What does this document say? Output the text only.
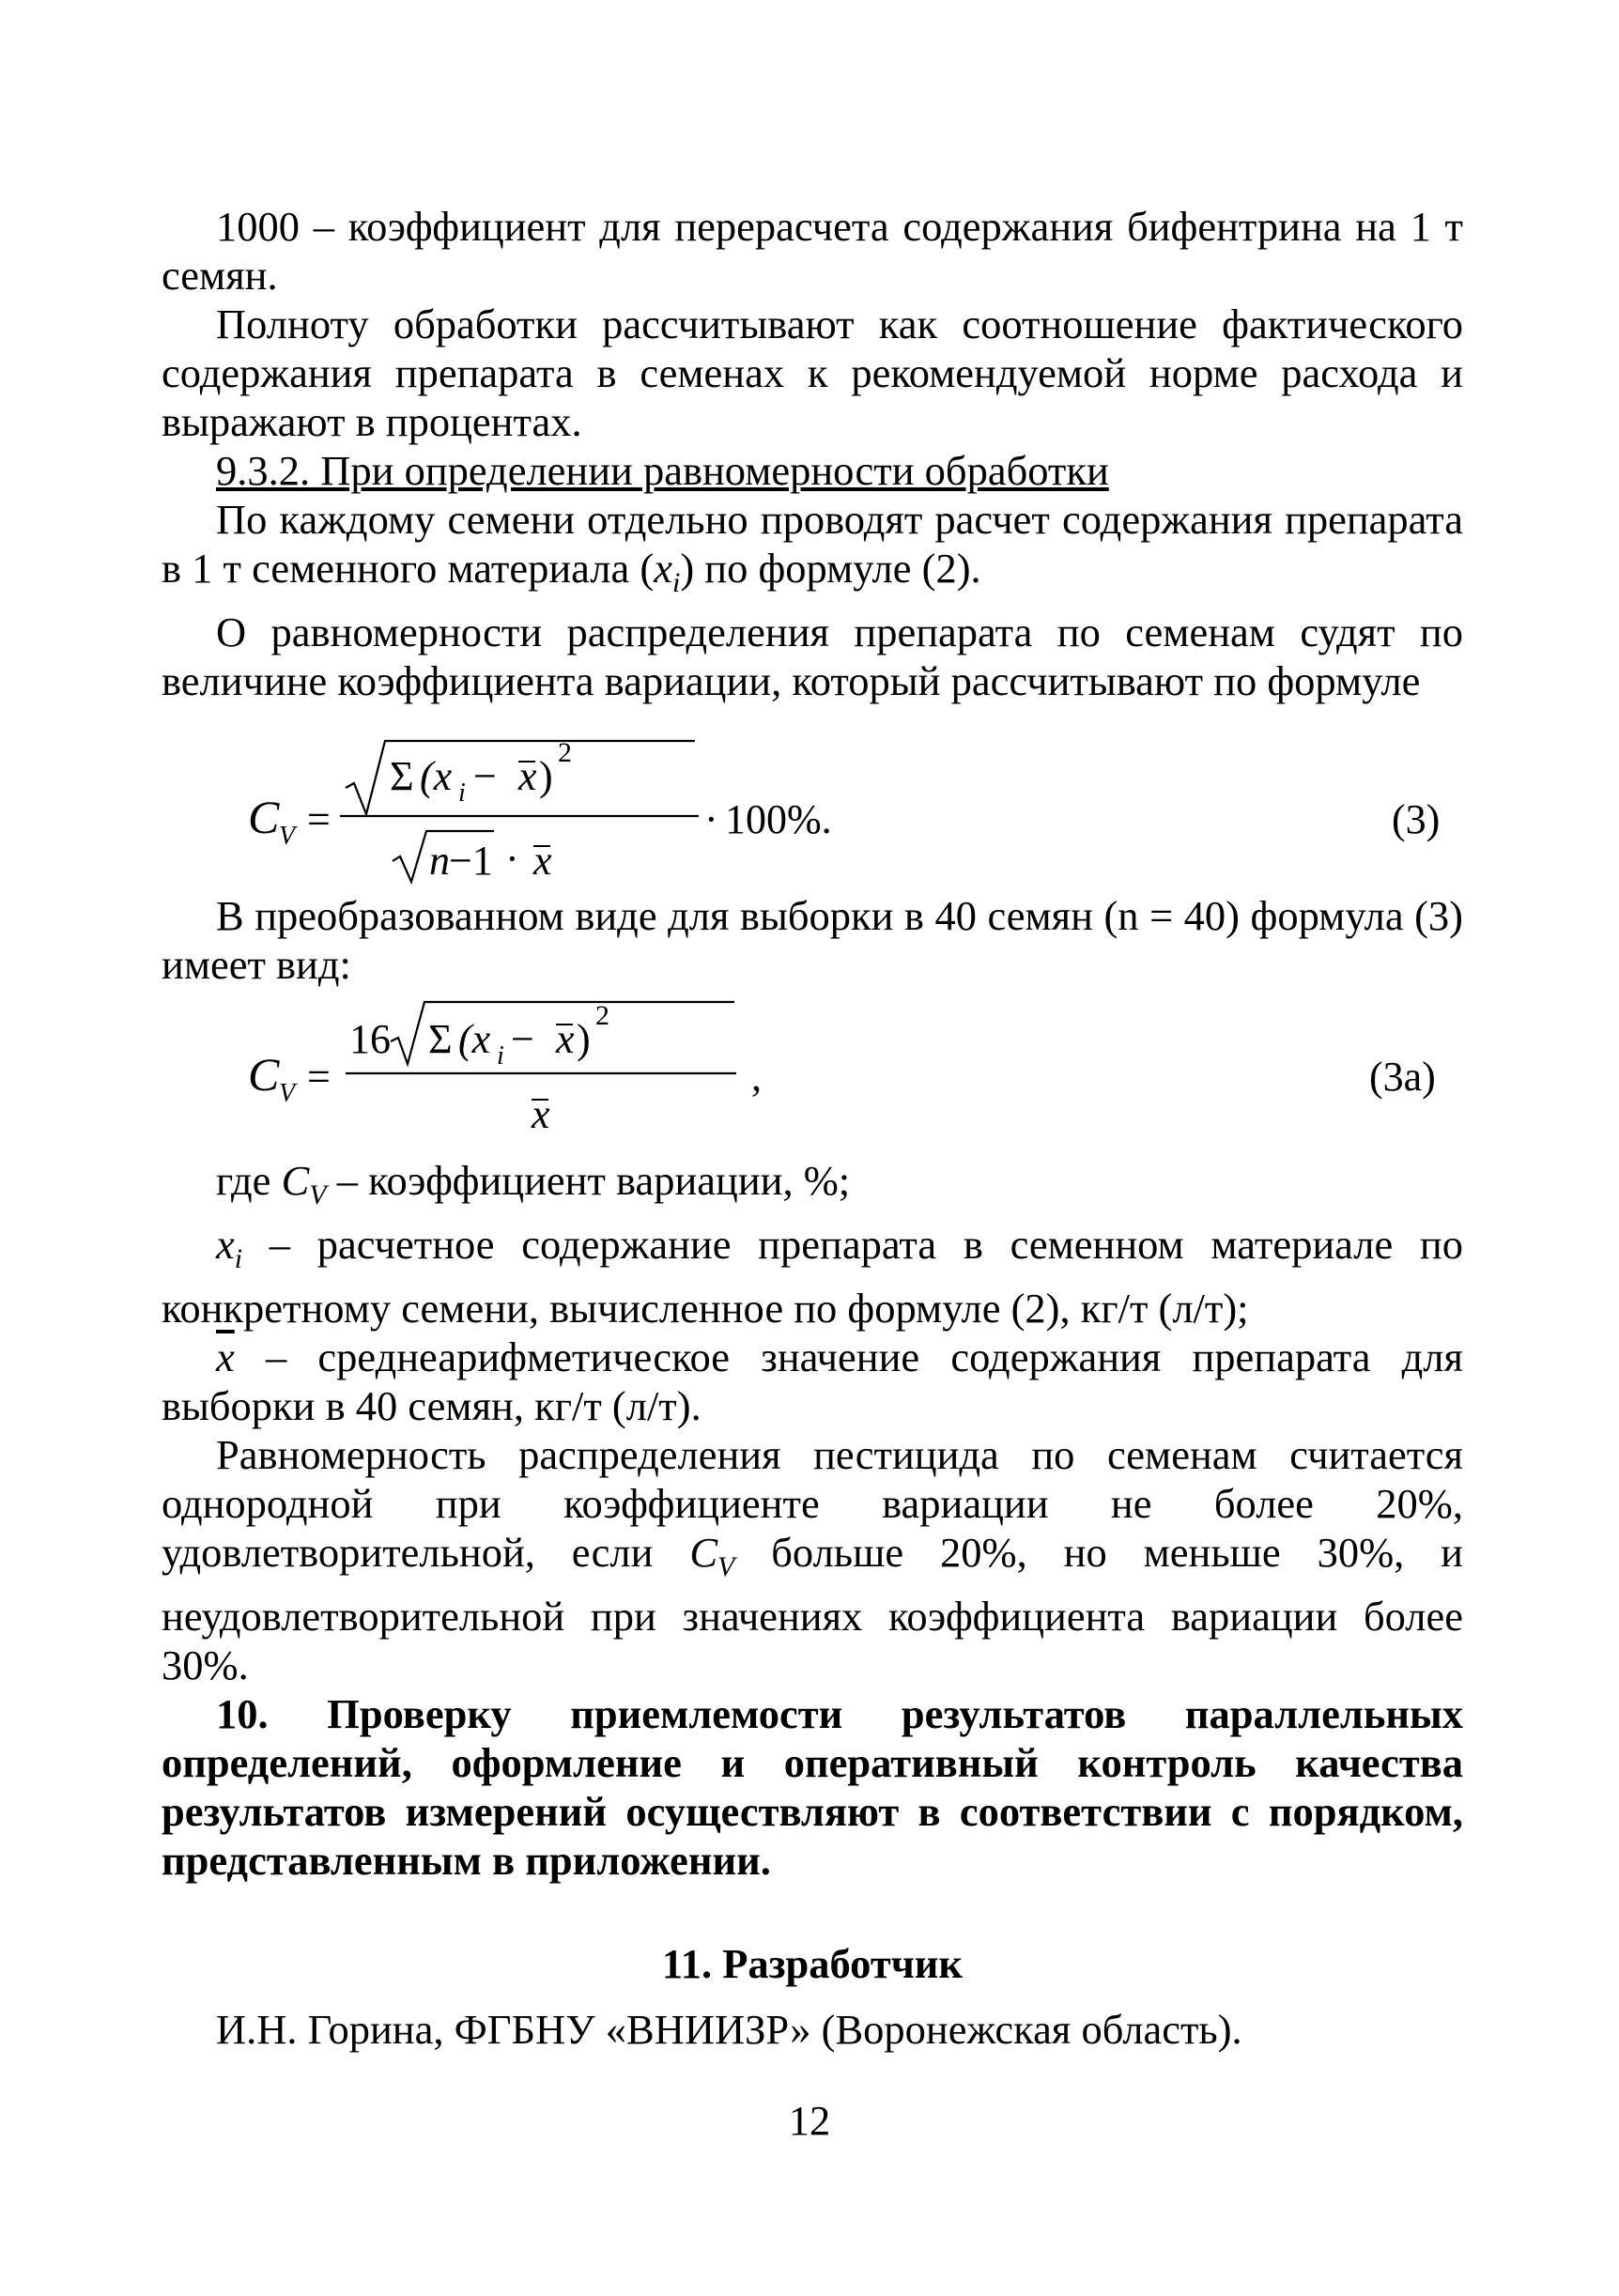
1000 – коэффициент для перерасчета содержания бифентрина на 1 т семян.

Полноту обработки рассчитывают как соотношение фактического содержания препарата в семенах к рекомендуемой норме расхода и выражают в процентах.

9.3.2. При определении равномерности обработки

По каждому семени отдельно проводят расчет содержания препарата в 1 т семенного материала $(x_i)$ по формуле (2).

О равномерности распределения препарата по семенам судят по величине коэффициента вариации, который рассчитывают по формуле

C V =
Σ (x i − x )
2
n −1 · x
· 100%.	(3)

В преобразованном виде для выборки в 40 семян (n = 40) формула (3) имеет вид:

C V =
16 Σ (x i − x )
2
x
,	(3а)

где $C_V$ – коэффициент вариации, %;

$x_i$ – расчетное содержание препарата в семенном материале по конкретному семени, вычисленное по формуле (2), кг/т (л/т);

$\overline{x}$ – среднеарифметическое значение содержания препарата для выборки в 40 семян, кг/т (л/т).

Равномерность распределения пестицида по семенам считается однородной при коэффициенте вариации не более 20%, удовлетворительной, если $C_V$ больше 20%, но меньше 30%, и неудовлетворительной при значениях коэффициента вариации более 30%.

10. Проверку приемлемости результатов параллельных определений, оформление и оперативный контроль качества результатов измерений осуществляют в соответствии с порядком, представленным в приложении.

11. Разработчик

И.Н. Горина, ФГБНУ «ВНИИЗР» (Воронежская область).

12
